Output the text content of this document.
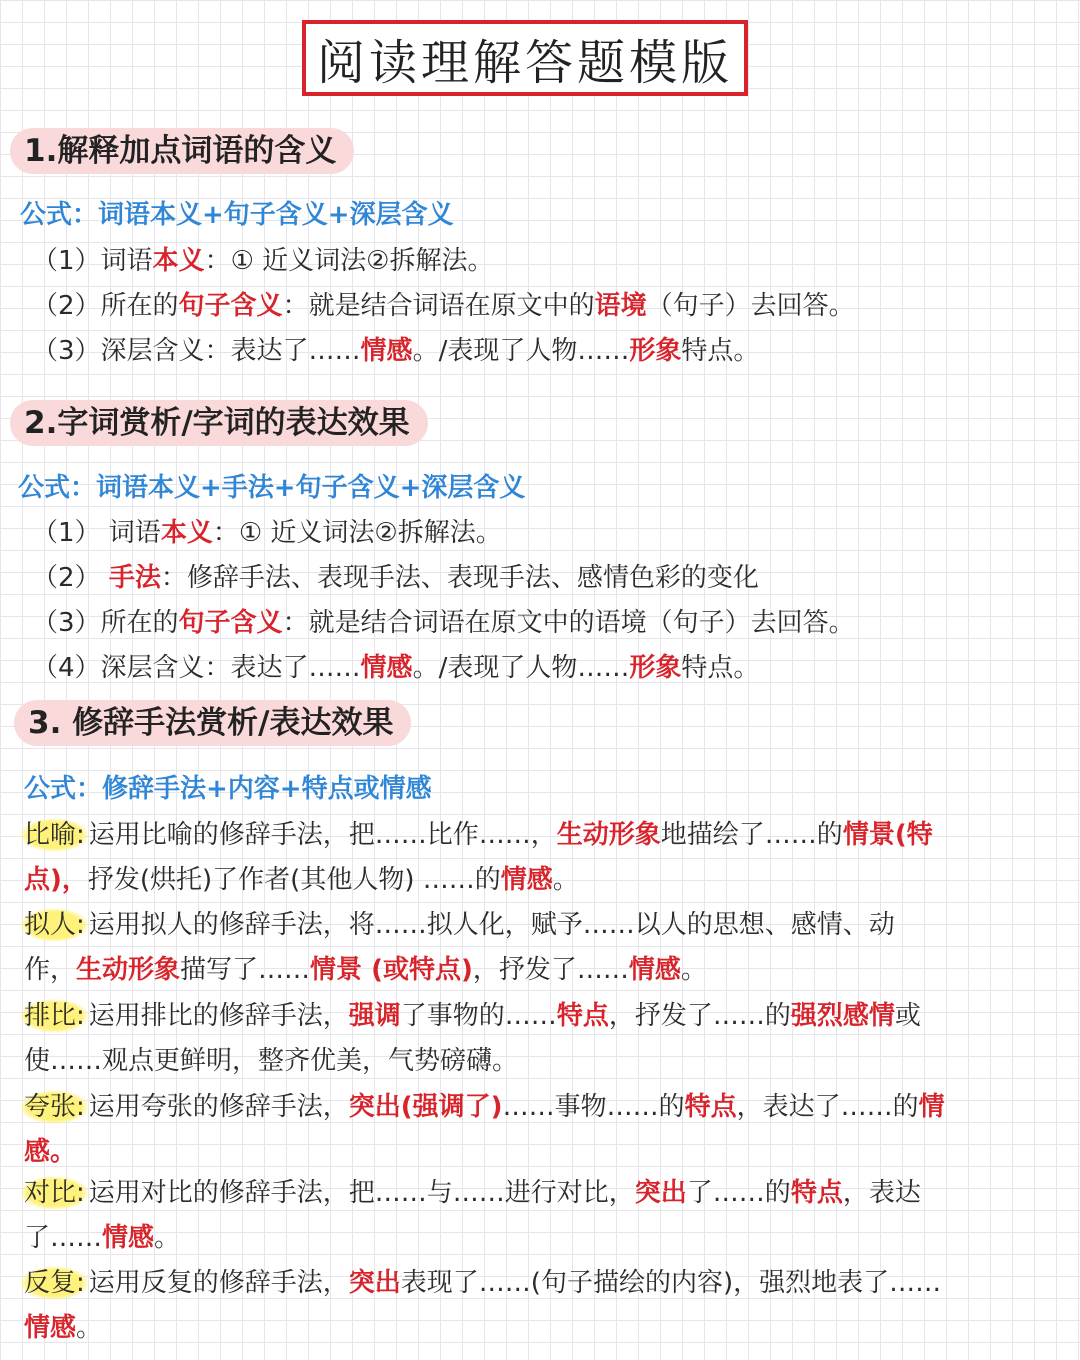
阅读理解答题模版
1.解释加点词语的含义
公式：词语本义+句子含义+深层含义
（1）词语本义：① 近义词法②拆解法。
（2）所在的句子含义：就是结合词语在原文中的语境（句子）去回答。
（3）深层含义：表达了……情感。/表现了人物……形象特点。
2.字词赏析/字词的表达效果
公式：词语本义+手法+句子含义+深层含义
（1） 词语本义：① 近义词法②拆解法。
（2） 手法：修辞手法、表现手法、表现手法、感情色彩的变化
（3）所在的句子含义：就是结合词语在原文中的语境（句子）去回答。
（4）深层含义：表达了……情感。/表现了人物……形象特点。
3. 修辞手法赏析/表达效果
公式：修辞手法+内容+特点或情感
比喻: 运用比喻的修辞手法，把……比作……，生动形象地描绘了……的情景(特
点)，抒发(烘托)了作者(其他人物) ……的情感。
拟人: 运用拟人的修辞手法，将……拟人化，赋予……以人的思想、感情、动
作，生动形象描写了……情景 (或特点)，抒发了……情感。
排比: 运用排比的修辞手法，强调了事物的……特点，抒发了……的强烈感情或
使……观点更鲜明，整齐优美，气势磅礴。
夸张: 运用夸张的修辞手法，突出(强调了)……事物……的特点，表达了……的情
感。
对比: 运用对比的修辞手法，把……与……进行对比，突出了……的特点，表达
了……情感。
反复: 运用反复的修辞手法，突出表现了……(句子描绘的内容)，强烈地表了……
情感。
